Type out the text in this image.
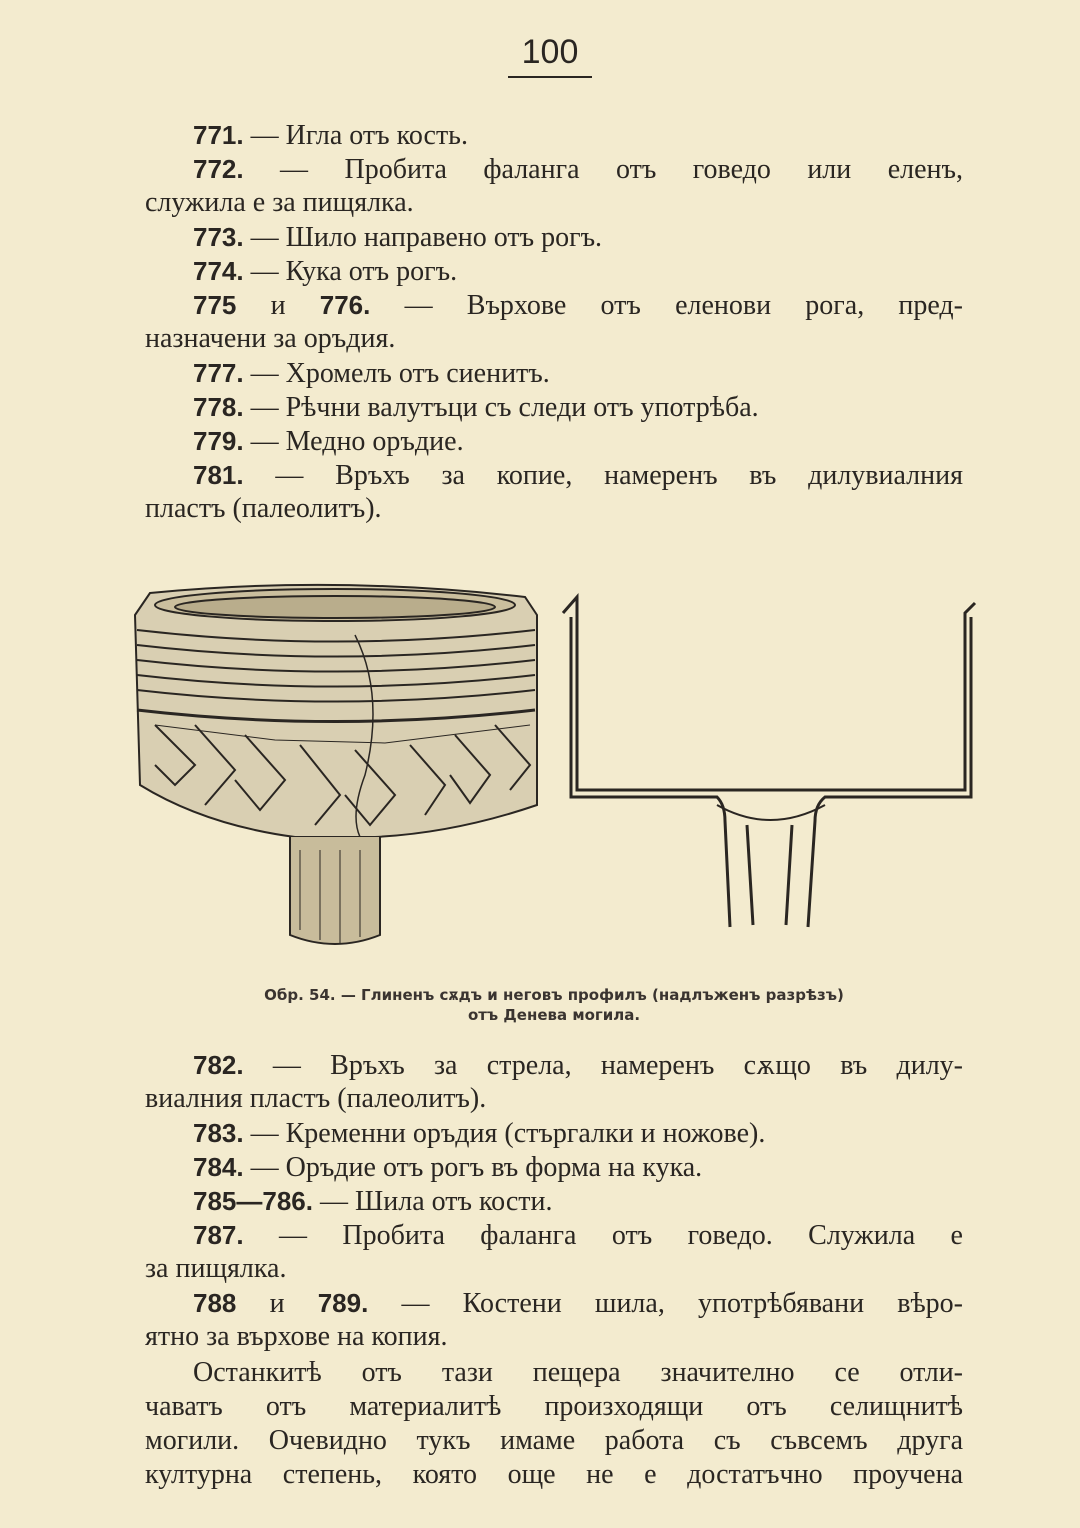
100
771. — Игла отъ кость.
772. — Пробита фаланга отъ говедо или еленъ,
служила е за пищялка.
773. — Шило направено отъ рогъ.
774. — Кука отъ рогъ.
775 и 776. — Върхове отъ еленови рога, пред-
назначени за оръдия.
777. — Хромелъ отъ сиенитъ.
778. — Рѣчни валутъци съ следи отъ употрѣба.
779. — Медно оръдие.
781. — Връхъ за копие, намеренъ въ дилувиалния
пластъ (палеолитъ).
Обр. 54. — Глиненъ сѫдъ и неговъ профилъ (надлъженъ разрѣзъ)
отъ Денева могила.
782. — Връхъ за стрела, намеренъ сѫщо въ дилу-
виалния пластъ (палеолитъ).
783. — Кременни оръдия (стъргалки и ножове).
784. — Оръдие отъ рогъ въ форма на кука.
785—786. — Шила отъ кости.
787. — Пробита фаланга отъ говедо. Служила е
за пищялка.
788 и 789. — Костени шила, употрѣбявани вѣро-
ятно за върхове на копия.
Останкитѣ отъ тази пещера значително се отли-
чаватъ отъ материалитѣ произходящи отъ селищнитѣ
могили. Очевидно тукъ имаме работа съ съвсемъ друга
културна степень, която още не е достатъчно проучена
